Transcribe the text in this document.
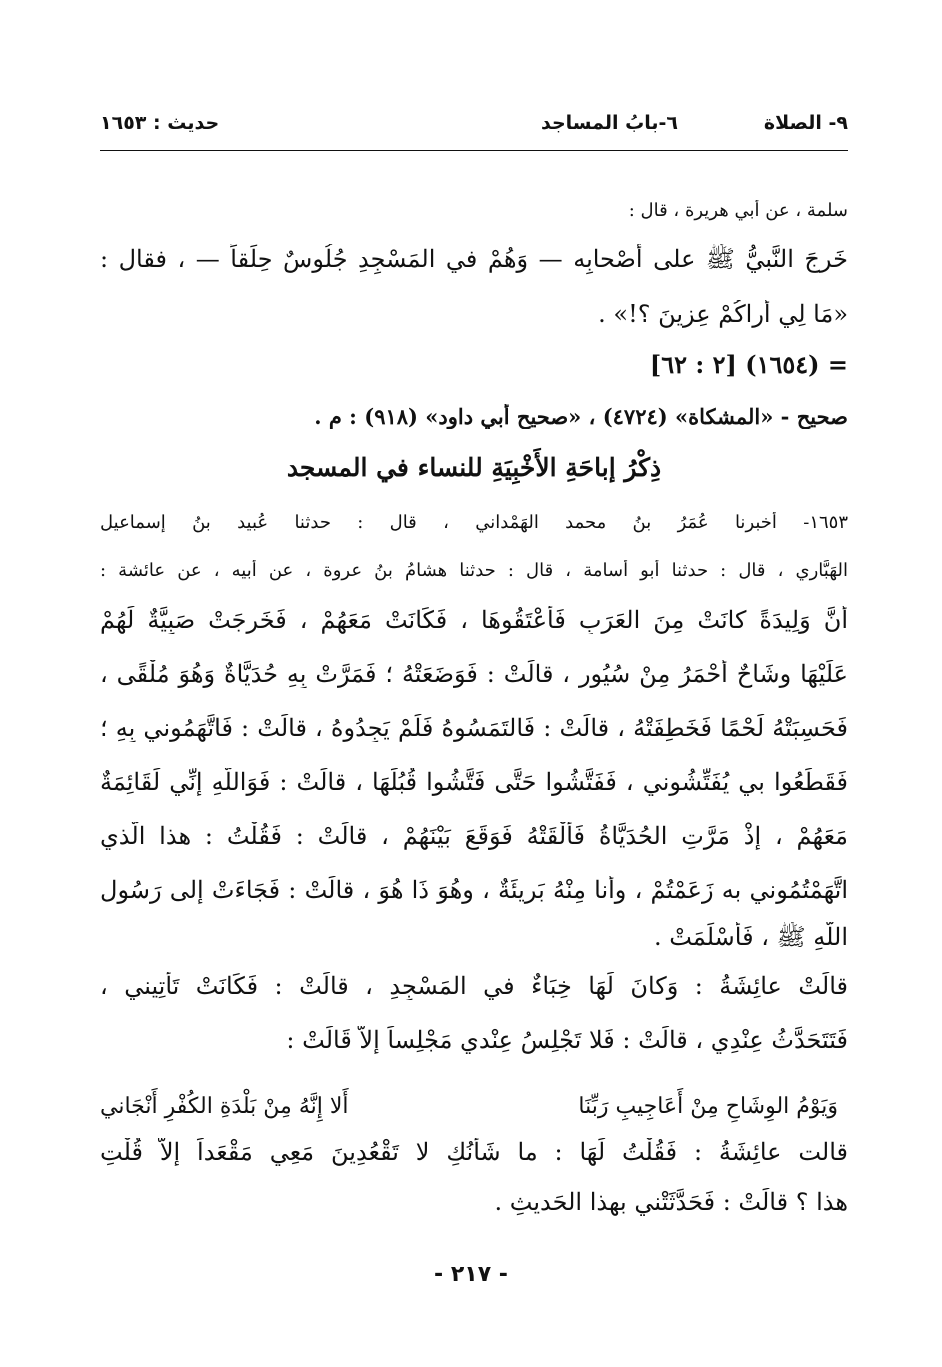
٩- الصلاة
٦-بابُ المساجد
حديث : ١٦٥٣
سلمة ، عن أبي هريرة ، قال :
خَرجَ النَّبيُّ ﷺ على أَصْحابِه — وَهُمْ في المَسْجِدِ جُلُوسٌ حِلَقاً — ، فقال :
«مَا لِي أَراكُمْ عِزِينَ ؟!» .
= (١٦٥٤) [٢ : ٦٢]
صحيح - «المشكاة» (٤٧٢٤) ، «صحيح أبي داود» (٩١٨) : م .
ذِكْرُ إباحَةِ الأَخْبِيَةِ للنساء في المسجد
١٦٥٣- أخبرنا عُمَرُ بنُ محمد الهَمْداني ، قال : حدثنا عُبيد بنُ إسماعيل
الهَبَّاري ، قال : حدثنا أبو أسامة ، قال : حدثنا هشامُ بنُ عروة ، عن أبيه ، عن عائشة :
أنَّ وَلِيدَةً كانَتْ مِنَ العَرَبِ فَأَعْتَقُوهَا ، فَكَانَتْ مَعَهُمْ ، فَخَرجَتْ صَبِيَّةٌ لَهُمْ
عَلَيْهَا وِشَاحٌ أَحْمَرُ مِنْ سُيُور ، قالَتْ : فَوَضَعَتْهُ ؛ فَمَرَّتْ بِهِ حُدَيَّاةٌ وَهُوَ مُلْقًى ،
فَحَسِبَتْهُ لَحْمًا فَخَطِفَتْهُ ، قالَتْ : فَالتَمَسُوهُ فَلَمْ يَجِدُوهُ ، قالَتْ : فَاتَّهَمُوني بِهِ ؛
فَقَطَعُوا بي يُفَتِّشُوني ، فَفَتَّشُوا حَتَّى فَتَّشُوا قُبُلَهَا ، قالَتْ : فَوَاللَّهِ إِنِّي لَقَائِمَةٌ
مَعَهُمْ ، إذْ مَرَّتِ الحُدَيَّاةُ فَأَلْقَتْهُ فَوَقَعَ بَيْنَهُمْ ، قالَتْ : فَقُلْتُ : هذا الَّذي
اتَّهَمْتُمُوني به زَعَمْتُمْ ، وأنا مِنْهُ بَرِيئَةٌ ، وهُوَ ذَا هُوَ ، قالَتْ : فَجَاءَتْ إلى رَسُولِ
اللَّهِ ﷺ ، فَأَسْلَمَتْ .
قالَتْ عائِشَةُ : وَكانَ لَهَا خِبَاءٌ في المَسْجِدِ ، قالَتْ : فَكَانَتْ تَأْتِيني ،
فَتَتَحَدَّثُ عِنْدِي ، قالَتْ : فَلا تَجْلِسُ عِنْدي مَجْلِساً إلاَّ قَالَتْ :
وَيَوْمُ الوِشَاحِ مِنْ أَعَاجِيبِ رَبِّنَا
أَلا إِنَّهُ مِنْ بَلْدَةِ الكُفْرِ أَنْجَاني
قالت عائِشَةُ : فَقُلْتُ لَهَا : ما شَأْنُكِ لا تَقْعُدِينَ مَعِي مَقْعَداً إلاَّ قُلْتِ
هذا ؟ قالَتْ : فَحَدَّثَتْني بهذا الحَديثِ .
- ٢١٧ -
